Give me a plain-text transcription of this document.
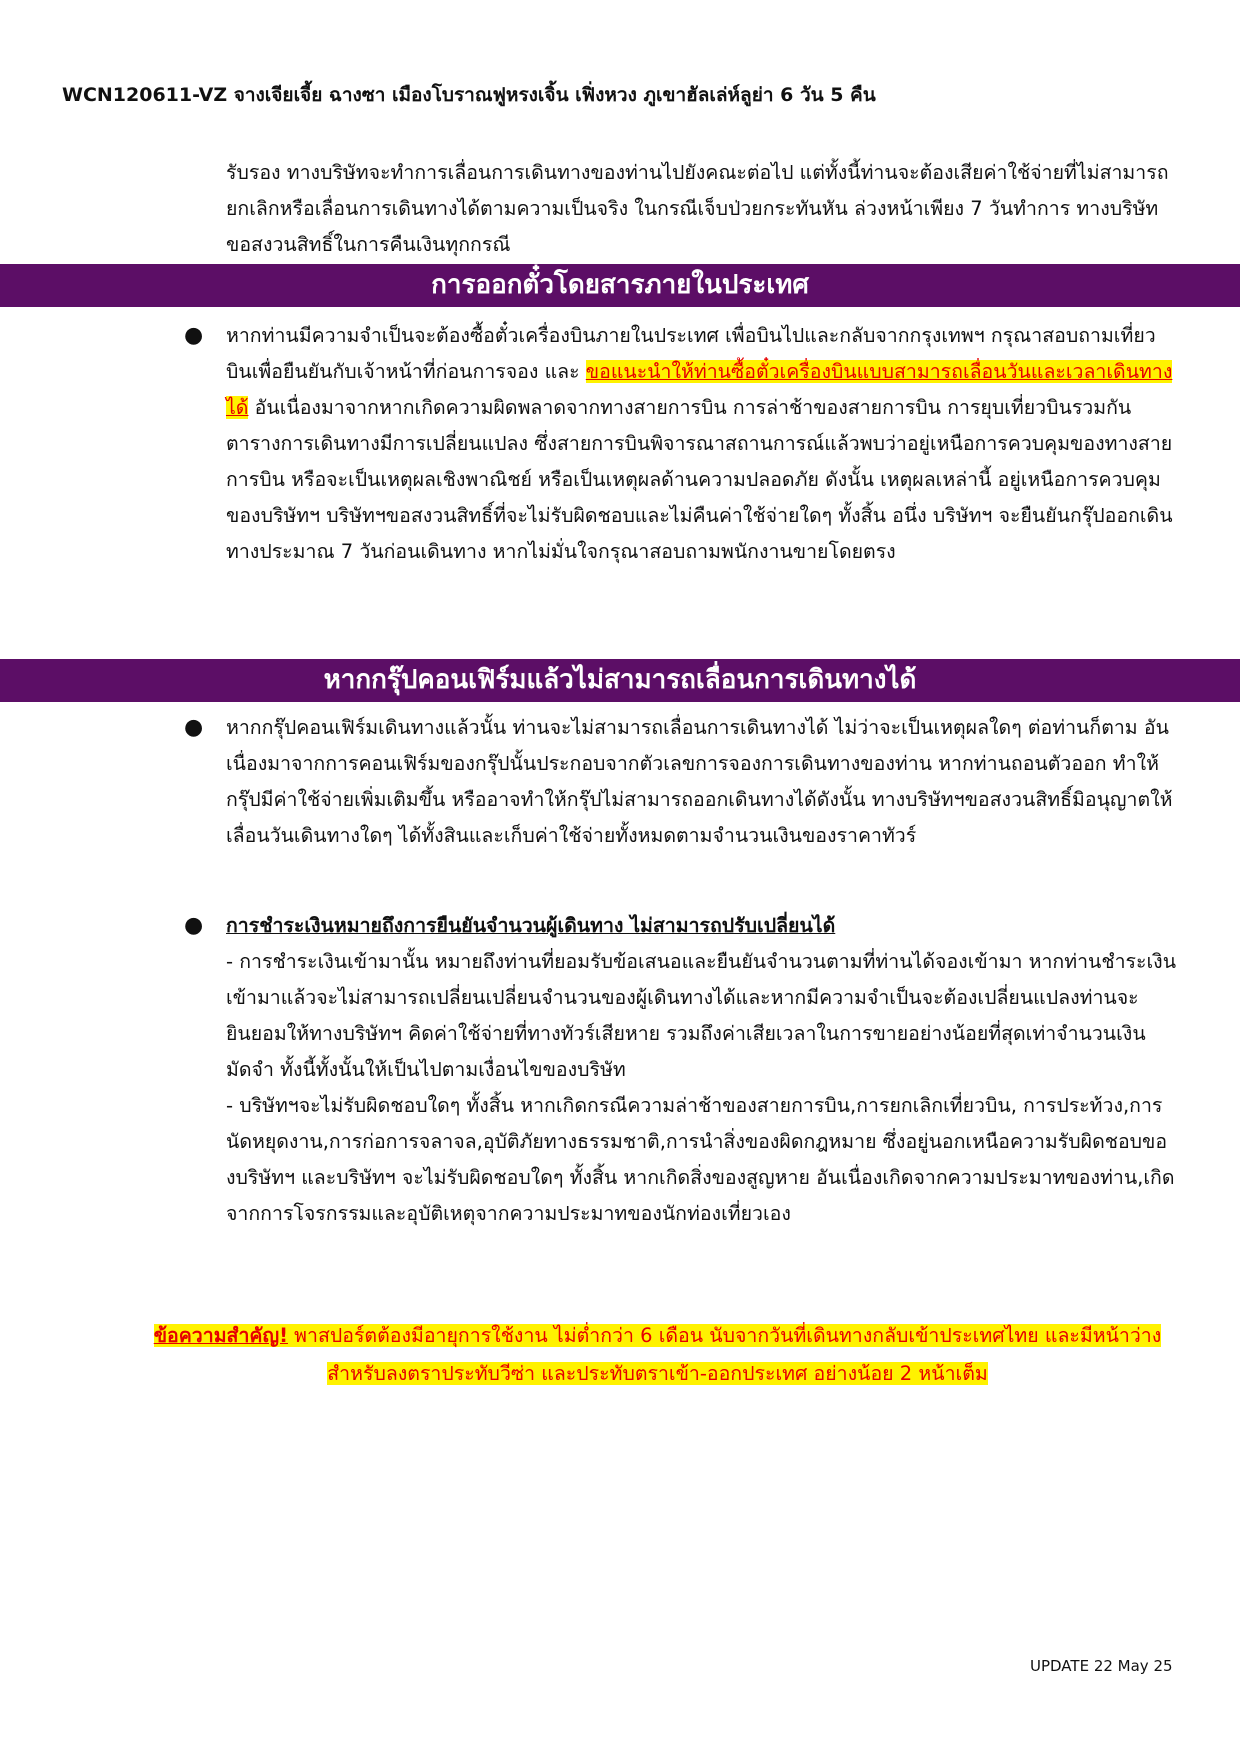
WCN120611-VZ จางเจียเจี้ย ฉางซา เมืองโบราณฟูหรงเจิ้น เฟิ่งหวง ภูเขาฮัลเล่ห์ลูย่า 6 วัน 5 คืน

รับรอง ทางบริษัทจะทำการเลื่อนการเดินทางของท่านไปยังคณะต่อไป แต่ทั้งนี้ท่านจะต้องเสียค่าใช้จ่ายที่ไม่สามารถยกเลิกหรือเลื่อนการเดินทางได้ตามความเป็นจริง ในกรณีเจ็บป่วยกระทันหัน ล่วงหน้าเพียง 7 วันทำการ ทางบริษัท ขอสงวนสิทธิ์ในการคืนเงินทุกกรณี

การออกตั๋วโดยสารภายในประเทศ
● หากท่านมีความจำเป็นจะต้องซื้อตั๋วเครื่องบินภายในประเทศ เพื่อบินไปและกลับจากกรุงเทพฯ กรุณาสอบถามเที่ยวบินเพื่อยืนยันกับเจ้าหน้าที่ก่อนการจอง และ ขอแนะนำให้ท่านซื้อตั๋วเครื่องบินแบบสามารถเลื่อนวันและเวลาเดินทางได้ อันเนื่องมาจากหากเกิดความผิดพลาดจากทางสายการบิน การล่าช้าของสายการบิน การยุบเที่ยวบินรวมกันตารางการเดินทางมีการเปลี่ยนแปลง ซึ่งสายการบินพิจารณาสถานการณ์แล้วพบว่าอยู่เหนือการควบคุมของทางสายการบิน หรือจะเป็นเหตุผลเชิงพาณิชย์ หรือเป็นเหตุผลด้านความปลอดภัย ดังนั้น เหตุผลเหล่านี้ อยู่เหนือการควบคุมของบริษัทฯ บริษัทฯขอสงวนสิทธิ์ที่จะไม่รับผิดชอบและไม่คืนค่าใช้จ่ายใดๆ ทั้งสิ้น อนึ่ง บริษัทฯ จะยืนยันกรุ๊ปออกเดินทางประมาณ 7 วันก่อนเดินทาง หากไม่มั่นใจกรุณาสอบถามพนักงานขายโดยตรง
หากกรุ๊ปคอนเฟิร์มแล้วไม่สามารถเลื่อนการเดินทางได้
● หากกรุ๊ปคอนเฟิร์มเดินทางแล้วนั้น ท่านจะไม่สามารถเลื่อนการเดินทางได้ ไม่ว่าจะเป็นเหตุผลใดๆ ต่อท่านก็ตาม อันเนื่องมาจากการคอนเฟิร์มของกรุ๊ปนั้นประกอบจากตัวเลขการจองการเดินทางของท่าน หากท่านถอนตัวออก ทำให้กรุ๊ปมีค่าใช้จ่ายเพิ่มเติมขึ้น หรืออาจทำให้กรุ๊ปไม่สามารถออกเดินทางได้ดังนั้น ทางบริษัทฯขอสงวนสิทธิ์มิอนุญาตให้เลื่อนวันเดินทางใดๆ ได้ทั้งสินและเก็บค่าใช้จ่ายทั้งหมดตามจำนวนเงินของราคาทัวร์
● การชำระเงินหมายถึงการยืนยันจำนวนผู้เดินทาง ไม่สามารถปรับเปลี่ยนได้
- การชำระเงินเข้ามานั้น หมายถึงท่านที่ยอมรับข้อเสนอและยืนยันจำนวนตามที่ท่านได้จองเข้ามา หากท่านชำระเงินเข้ามาแล้วจะไม่สามารถเปลี่ยนเปลี่ยนจำนวนของผู้เดินทางได้และหากมีความจำเป็นจะต้องเปลี่ยนแปลงท่านจะยินยอมให้ทางบริษัทฯ คิดค่าใช้จ่ายที่ทางทัวร์เสียหาย รวมถึงค่าเสียเวลาในการขายอย่างน้อยที่สุดเท่าจำนวนเงินมัดจำ ทั้งนี้ทั้งนั้นให้เป็นไปตามเงื่อนไขของบริษัท
- บริษัทฯจะไม่รับผิดชอบใดๆ ทั้งสิ้น หากเกิดกรณีความล่าช้าของสายการบิน,การยกเลิกเที่ยวบิน, การประท้วง,การนัดหยุดงาน,การก่อการจลาจล,อุบัติภัยทางธรรมชาติ,การนำสิ่งของผิดกฎหมาย ซึ่งอยู่นอกเหนือความรับผิดชอบของบริษัทฯ และบริษัทฯ จะไม่รับผิดชอบใดๆ ทั้งสิ้น หากเกิดสิ่งของสูญหาย อันเนื่องเกิดจากความประมาทของท่าน,เกิดจากการโจรกรรมและอุบัติเหตุจากความประมาทของนักท่องเที่ยวเอง
ข้อความสำคัญ! พาสปอร์ตต้องมีอายุการใช้งาน ไม่ต่ำกว่า 6 เดือน นับจากวันที่เดินทางกลับเข้าประเทศไทย และมีหน้าว่างสำหรับลงตราประทับวีซ่า และประทับตราเข้า-ออกประเทศ อย่างน้อย 2 หน้าเต็ม
UPDATE 22 May 25
